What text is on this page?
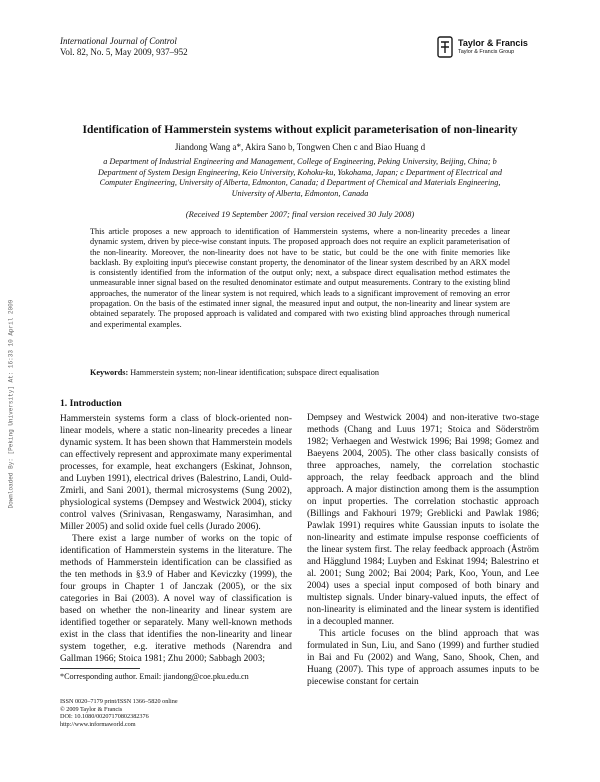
International Journal of Control
Vol. 82, No. 5, May 2009, 937–952
Taylor & Francis
Taylor & Francis Group
Downloaded By: [Peking University] At: 16:33 10 April 2009
Identification of Hammerstein systems without explicit parameterisation of non-linearity
Jiandong Wang a*, Akira Sano b, Tongwen Chen c and Biao Huang d
a Department of Industrial Engineering and Management, College of Engineering, Peking University, Beijing, China; b Department of System Design Engineering, Keio University, Kohoku-ku, Yokohama, Japan; c Department of Electrical and Computer Engineering, University of Alberta, Edmonton, Canada; d Department of Chemical and Materials Engineering, University of Alberta, Edmonton, Canada
(Received 19 September 2007; final version received 30 July 2008)
This article proposes a new approach to identification of Hammerstein systems, where a non-linearity precedes a linear dynamic system, driven by piece-wise constant inputs. The proposed approach does not require an explicit parameterisation of the non-linearity. Moreover, the non-linearity does not have to be static, but could be the one with finite memories like backlash. By exploiting input's piecewise constant property, the denominator of the linear system described by an ARX model is consistently identified from the information of the output only; next, a subspace direct equalisation method estimates the unmeasurable inner signal based on the resulted denominator estimate and output measurements. Contrary to the existing blind approaches, the numerator of the linear system is not required, which leads to a significant improvement of removing an error propagation. On the basis of the estimated inner signal, the measured input and output, the non-linearity and linear system are obtained separately. The proposed approach is validated and compared with two existing blind approaches through numerical and experimental examples.
Keywords: Hammerstein system; non-linear identification; subspace direct equalisation
1. Introduction

Hammerstein systems form a class of block-oriented non-linear models, where a static non-linearity precedes a linear dynamic system. It has been shown that Hammerstein models can effectively represent and approximate many experimental processes, for example, heat exchangers (Eskinat, Johnson, and Luyben 1991), electrical drives (Balestrino, Landi, Ould-Zmirli, and Sani 2001), thermal microsystems (Sung 2002), physiological systems (Dempsey and Westwick 2004), sticky control valves (Srinivasan, Rengaswamy, Narasimhan, and Miller 2005) and solid oxide fuel cells (Jurado 2006).

There exist a large number of works on the topic of identification of Hammerstein systems in the literature. The methods of Hammerstein identification can be classified as the ten methods in §3.9 of Haber and Keviczky (1999), the four groups in Chapter 1 of Janczak (2005), or the six categories in Bai (2003). A novel way of classification is based on whether the non-linearity and linear system are identified together or separately. Many well-known methods exist in the class that identifies the non-linearity and linear system together, e.g. iterative methods (Narendra and Gallman 1966; Stoica 1981; Zhu 2000; Sabbagh 2003;

Dempsey and Westwick 2004) and non-iterative two-stage methods (Chang and Luus 1971; Stoica and Söderström 1982; Verhaegen and Westwick 1996; Bai 1998; Gomez and Baeyens 2004, 2005). The other class basically consists of three approaches, namely, the correlation stochastic approach, the relay feedback approach and the blind approach. A major distinction among them is the assumption on input properties. The correlation stochastic approach (Billings and Fakhouri 1979; Greblicki and Pawlak 1986; Pawlak 1991) requires white Gaussian inputs to isolate the non-linearity and estimate impulse response coefficients of the linear system first. The relay feedback approach (Åström and Hägglund 1984; Luyben and Eskinat 1994; Balestrino et al. 2001; Sung 2002; Bai 2004; Park, Koo, Youn, and Lee 2004) uses a special input composed of both binary and multistep signals. Under binary-valued inputs, the effect of non-linearity is eliminated and the linear system is identified in a decoupled manner.

This article focuses on the blind approach that was formulated in Sun, Liu, and Sano (1999) and further studied in Bai and Fu (2002) and Wang, Sano, Shook, Chen, and Huang (2007). This type of approach assumes inputs to be piecewise constant for certain

*Corresponding author. Email: jiandong@coe.pku.edu.cn
ISSN 0020–7179 print/ISSN 1366–5820 online
© 2009 Taylor & Francis
DOI: 10.1080/00207170802382376
http://www.informaworld.com
